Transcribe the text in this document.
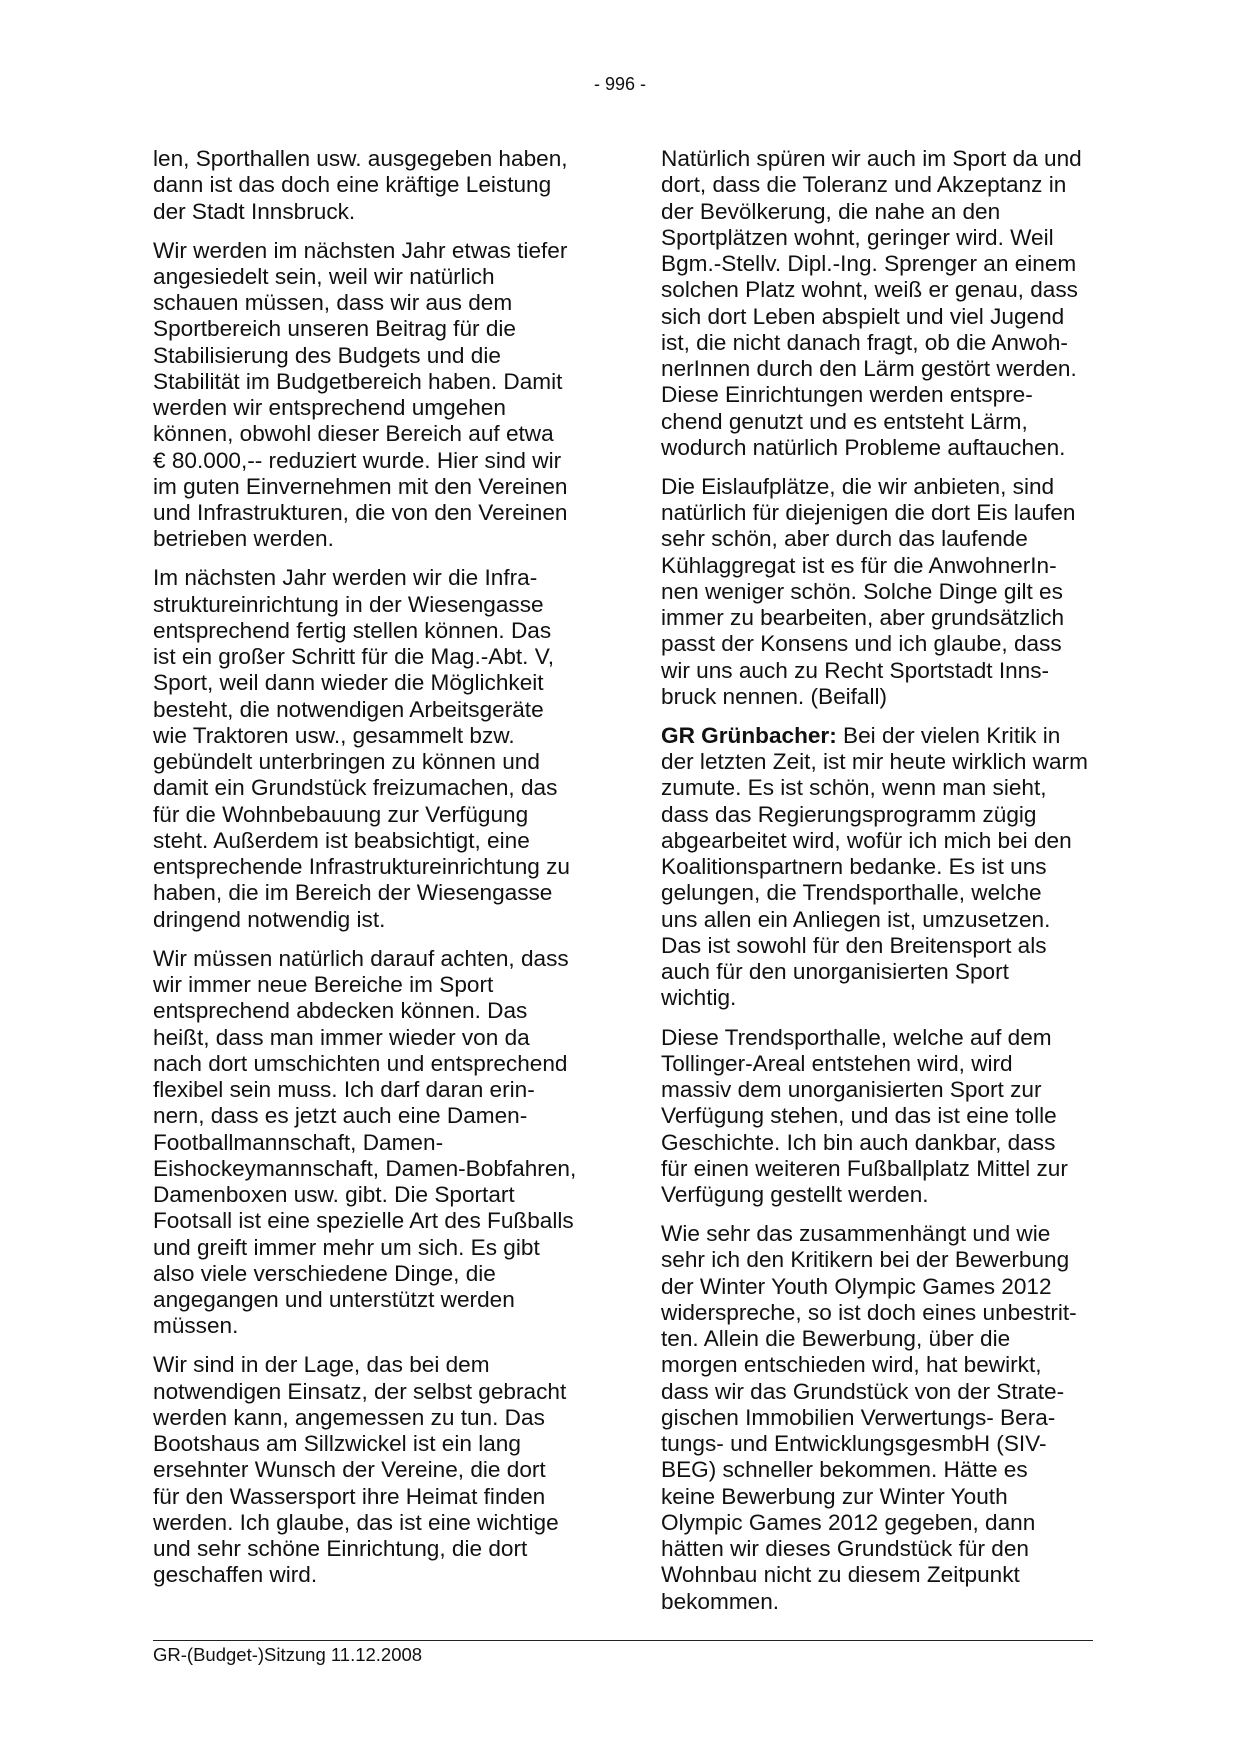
- 996 -

len, Sporthallen usw. ausgegeben haben,
dann ist das doch eine kräftige Leistung
der Stadt Innsbruck.

Wir werden im nächsten Jahr etwas tiefer
angesiedelt sein, weil wir natürlich
schauen müssen, dass wir aus dem
Sportbereich unseren Beitrag für die
Stabilisierung des Budgets und die
Stabilität im Budgetbereich haben. Damit
werden wir entsprechend umgehen
können, obwohl dieser Bereich auf etwa
€ 80.000,-- reduziert wurde. Hier sind wir
im guten Einvernehmen mit den Vereinen
und Infrastrukturen, die von den Vereinen
betrieben werden.

Im nächsten Jahr werden wir die Infra-
struktureinrichtung in der Wiesengasse
entsprechend fertig stellen können. Das
ist ein großer Schritt für die Mag.-Abt. V,
Sport, weil dann wieder die Möglichkeit
besteht, die notwendigen Arbeitsgeräte
wie Traktoren usw., gesammelt bzw.
gebündelt unterbringen zu können und
damit ein Grundstück freizumachen, das
für die Wohnbebauung zur Verfügung
steht. Außerdem ist beabsichtigt, eine
entsprechende Infrastruktureinrichtung zu
haben, die im Bereich der Wiesengasse
dringend notwendig ist.

Wir müssen natürlich darauf achten, dass
wir immer neue Bereiche im Sport
entsprechend abdecken können. Das
heißt, dass man immer wieder von da
nach dort umschichten und entsprechend
flexibel sein muss. Ich darf daran erin-
nern, dass es jetzt auch eine Damen-
Footballmannschaft, Damen-
Eishockeymannschaft, Damen-Bobfahren,
Damenboxen usw. gibt. Die Sportart
Footsall ist eine spezielle Art des Fußballs
und greift immer mehr um sich. Es gibt
also viele verschiedene Dinge, die
angegangen und unterstützt werden
müssen.

Wir sind in der Lage, das bei dem
notwendigen Einsatz, der selbst gebracht
werden kann, angemessen zu tun. Das
Bootshaus am Sillzwickel ist ein lang
ersehnter Wunsch der Vereine, die dort
für den Wassersport ihre Heimat finden
werden. Ich glaube, das ist eine wichtige
und sehr schöne Einrichtung, die dort
geschaffen wird.

Natürlich spüren wir auch im Sport da und
dort, dass die Toleranz und Akzeptanz in
der Bevölkerung, die nahe an den
Sportplätzen wohnt, geringer wird. Weil
Bgm.-Stellv. Dipl.-Ing. Sprenger an einem
solchen Platz wohnt, weiß er genau, dass
sich dort Leben abspielt und viel Jugend
ist, die nicht danach fragt, ob die Anwoh-
nerInnen durch den Lärm gestört werden.
Diese Einrichtungen werden entspre-
chend genutzt und es entsteht Lärm,
wodurch natürlich Probleme auftauchen.

Die Eislaufplätze, die wir anbieten, sind
natürlich für diejenigen die dort Eis laufen
sehr schön, aber durch das laufende
Kühlaggregat ist es für die AnwohnerIn-
nen weniger schön. Solche Dinge gilt es
immer zu bearbeiten, aber grundsätzlich
passt der Konsens und ich glaube, dass
wir uns auch zu Recht Sportstadt Inns-
bruck nennen. (Beifall)

GR Grünbacher: Bei der vielen Kritik in
der letzten Zeit, ist mir heute wirklich warm
zumute. Es ist schön, wenn man sieht,
dass das Regierungsprogramm zügig
abgearbeitet wird, wofür ich mich bei den
Koalitionspartnern bedanke. Es ist uns
gelungen, die Trendsporthalle, welche
uns allen ein Anliegen ist, umzusetzen.
Das ist sowohl für den Breitensport als
auch für den unorganisierten Sport
wichtig.

Diese Trendsporthalle, welche auf dem
Tollinger-Areal entstehen wird, wird
massiv dem unorganisierten Sport zur
Verfügung stehen, und das ist eine tolle
Geschichte. Ich bin auch dankbar, dass
für einen weiteren Fußballplatz Mittel zur
Verfügung gestellt werden.

Wie sehr das zusammenhängt und wie
sehr ich den Kritikern bei der Bewerbung
der Winter Youth Olympic Games 2012
widerspreche, so ist doch eines unbestrit-
ten. Allein die Bewerbung, über die
morgen entschieden wird, hat bewirkt,
dass wir das Grundstück von der Strate-
gischen Immobilien Verwertungs- Bera-
tungs- und EntwicklungsgesmbH (SIV-
BEG) schneller bekommen. Hätte es
keine Bewerbung zur Winter Youth
Olympic Games 2012 gegeben, dann
hätten wir dieses Grundstück für den
Wohnbau nicht zu diesem Zeitpunkt
bekommen.

GR-(Budget-)Sitzung 11.12.2008
